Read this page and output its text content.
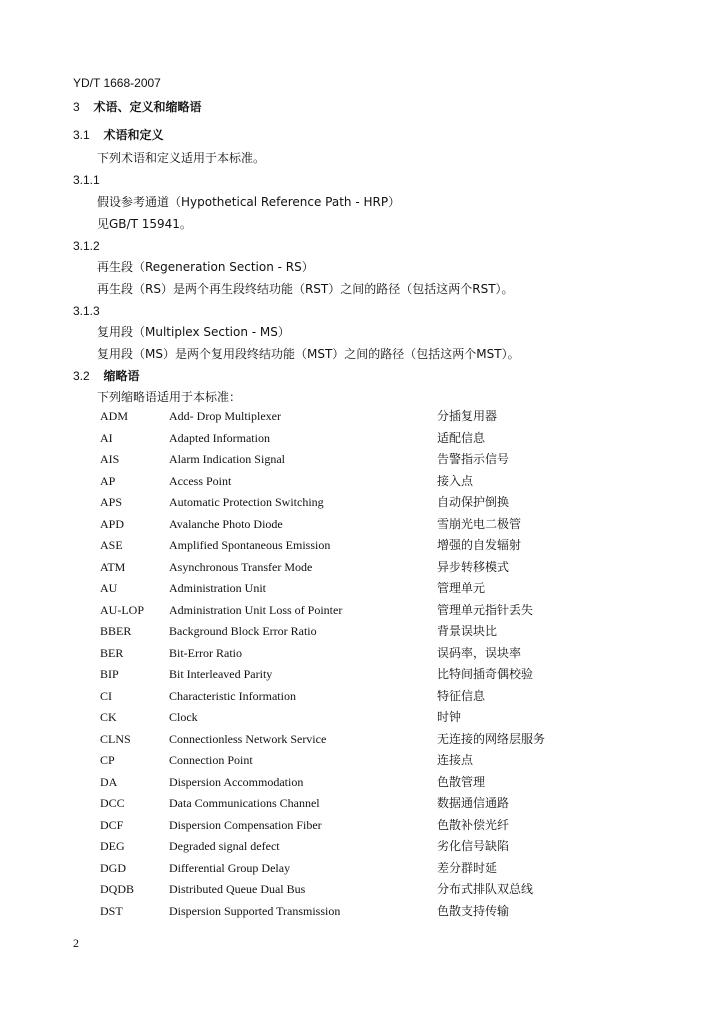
YD/T 1668-2007
3 术语、定义和缩略语
3.1 术语和定义
下列术语和定义适用于本标准。
3.1.1
假设参考通道（Hypothetical Reference Path - HRP）
见GB/T 15941。
3.1.2
再生段（Regeneration Section - RS）
再生段（RS）是两个再生段终结功能（RST）之间的路径（包括这两个RST）。
3.1.3
复用段（Multiplex Section - MS）
复用段（MS）是两个复用段终结功能（MST）之间的路径（包括这两个MST）。
3.2 缩略语
下列缩略语适用于本标准：
ADM	Add- Drop Multiplexer	分插复用器
AI	Adapted Information	适配信息
AIS	Alarm Indication Signal	告警指示信号
AP	Access Point	接入点
APS	Automatic Protection Switching	自动保护倒换
APD	Avalanche Photo Diode	雪崩光电二极管
ASE	Amplified Spontaneous Emission	增强的自发辐射
ATM	Asynchronous Transfer Mode	异步转移模式
AU	Administration Unit	管理单元
AU-LOP Administration Unit Loss of Pointer	管理单元指针丢失
BBER	Background Block Error Ratio	背景误块比
BER	Bit-Error Ratio	误码率，误块率
BIP	Bit Interleaved Parity	比特间插奇偶校验
CI	Characteristic Information	特征信息
CK	Clock	时钟
CLNS	Connectionless Network Service	无连接的网络层服务
CP	Connection Point	连接点
DA	Dispersion Accommodation	色散管理
DCC	Data Communications Channel	数据通信通路
DCF	Dispersion Compensation Fiber	色散补偿光纤
DEG	Degraded signal defect	劣化信号缺陷
DGD	Differential Group Delay	差分群时延
DQDB	Distributed Queue Dual Bus	分布式排队双总线
DST	Dispersion Supported Transmission	色散支持传输
2
